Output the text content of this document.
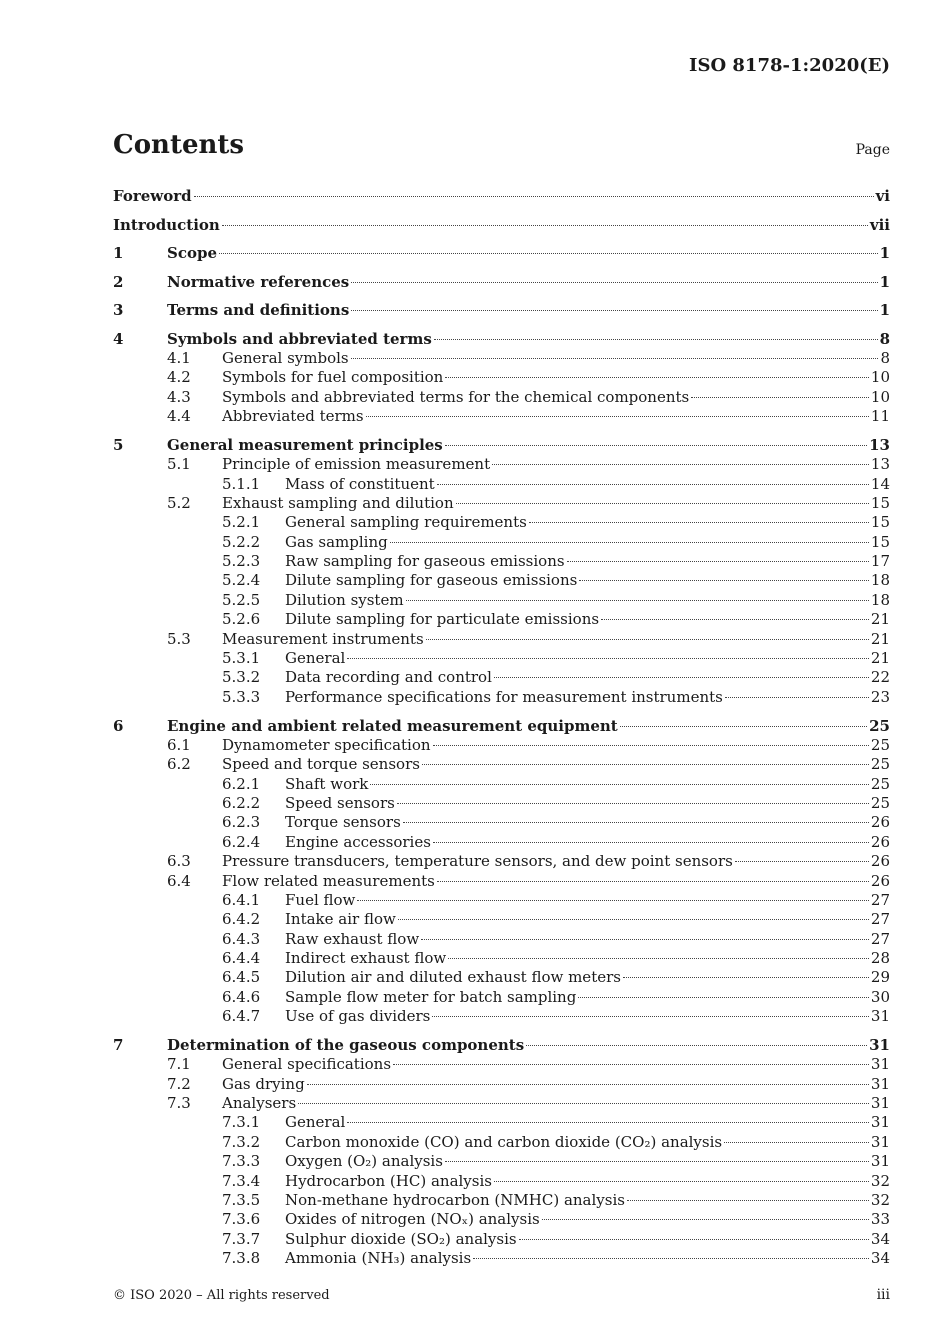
ISO 8178-1:2020(E)
Contents	Page
Foreword	vi
Introduction	vii
1	Scope	1
2	Normative references	1
3	Terms and definitions	1
4	Symbols and abbreviated terms	8
4.1 General symbols	8
4.2 Symbols for fuel composition	10
4.3 Symbols and abbreviated terms for the chemical components	10
4.4 Abbreviated terms	11
5	General measurement principles	13
5.1 Principle of emission measurement	13
5.1.1 Mass of constituent	14
5.2 Exhaust sampling and dilution	15
5.2.1 General sampling requirements	15
5.2.2 Gas sampling	15
5.2.3 Raw sampling for gaseous emissions	17
5.2.4 Dilute sampling for gaseous emissions	18
5.2.5 Dilution system	18
5.2.6 Dilute sampling for particulate emissions	21
5.3 Measurement instruments	21
5.3.1 General	21
5.3.2 Data recording and control	22
5.3.3 Performance specifications for measurement instruments	23
6	Engine and ambient related measurement equipment	25
6.1 Dynamometer specification	25
6.2 Speed and torque sensors	25
6.2.1 Shaft work	25
6.2.2 Speed sensors	25
6.2.3 Torque sensors	26
6.2.4 Engine accessories	26
6.3 Pressure transducers, temperature sensors, and dew point sensors	26
6.4 Flow related measurements	26
6.4.1 Fuel flow	27
6.4.2 Intake air flow	27
6.4.3 Raw exhaust flow	27
6.4.4 Indirect exhaust flow	28
6.4.5 Dilution air and diluted exhaust flow meters	29
6.4.6 Sample flow meter for batch sampling	30
6.4.7 Use of gas dividers	31
7	Determination of the gaseous components	31
7.1 General specifications	31
7.2 Gas drying	31
7.3 Analysers	31
7.3.1 General	31
7.3.2 Carbon monoxide (CO) and carbon dioxide (CO₂) analysis	31
7.3.3 Oxygen (O₂) analysis	31
7.3.4 Hydrocarbon (HC) analysis	32
7.3.5 Non-methane hydrocarbon (NMHC) analysis	32
7.3.6 Oxides of nitrogen (NOₓ) analysis	33
7.3.7 Sulphur dioxide (SO₂) analysis	34
7.3.8 Ammonia (NH₃) analysis	34
© ISO 2020 – All rights reserved	iii
